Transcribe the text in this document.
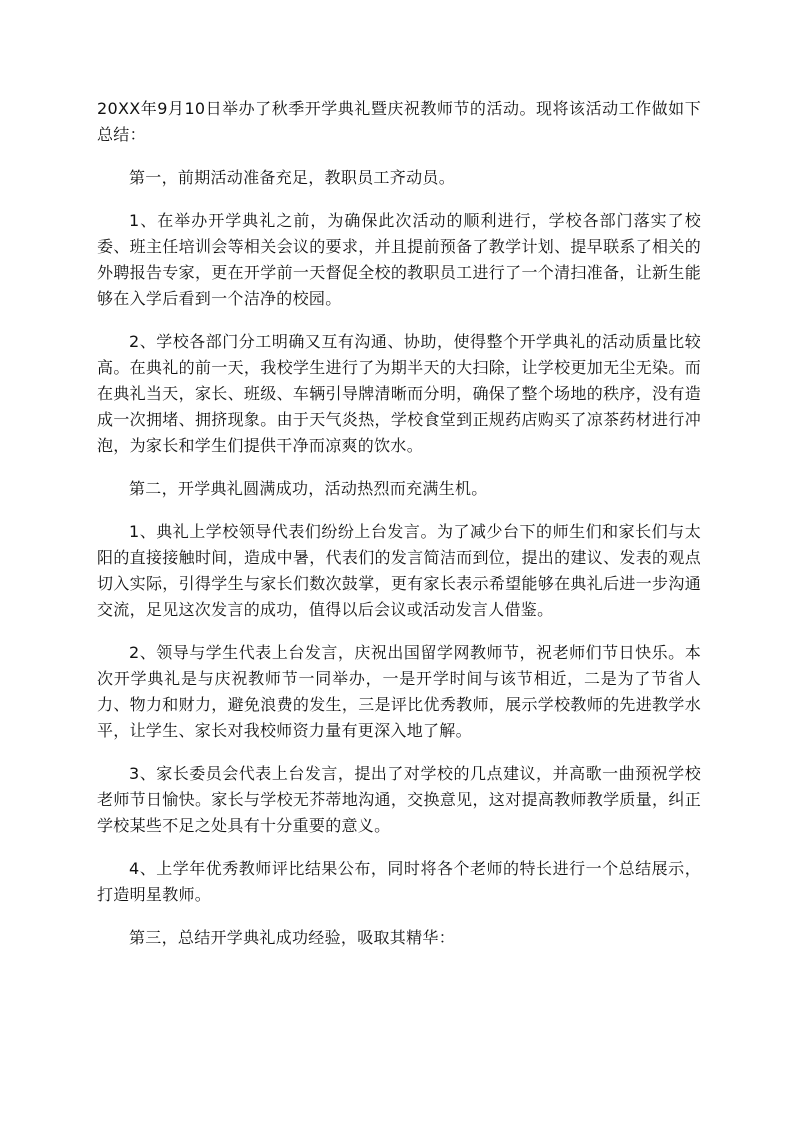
20XX年9月10日举办了秋季开学典礼暨庆祝教师节的活动。现将该活动工作做如下总结：

第一，前期活动准备充足，教职员工齐动员。

1、在举办开学典礼之前，为确保此次活动的顺利进行，学校各部门落实了校委、班主任培训会等相关会议的要求，并且提前预备了教学计划、提早联系了相关的外聘报告专家，更在开学前一天督促全校的教职员工进行了一个清扫准备，让新生能够在入学后看到一个洁净的校园。

2、学校各部门分工明确又互有沟通、协助，使得整个开学典礼的活动质量比较高。在典礼的前一天，我校学生进行了为期半天的大扫除，让学校更加无尘无染。而在典礼当天，家长、班级、车辆引导牌清晰而分明，确保了整个场地的秩序，没有造成一次拥堵、拥挤现象。由于天气炎热，学校食堂到正规药店购买了凉茶药材进行冲泡，为家长和学生们提供干净而凉爽的饮水。

第二，开学典礼圆满成功，活动热烈而充满生机。

1、典礼上学校领导代表们纷纷上台发言。为了减少台下的师生们和家长们与太阳的直接接触时间，造成中暑，代表们的发言简洁而到位，提出的建议、发表的观点切入实际，引得学生与家长们数次鼓掌，更有家长表示希望能够在典礼后进一步沟通交流，足见这次发言的成功，值得以后会议或活动发言人借鉴。

2、领导与学生代表上台发言，庆祝出国留学网教师节，祝老师们节日快乐。本次开学典礼是与庆祝教师节一同举办，一是开学时间与该节相近，二是为了节省人力、物力和财力，避免浪费的发生，三是评比优秀教师，展示学校教师的先进教学水平，让学生、家长对我校师资力量有更深入地了解。

3、家长委员会代表上台发言，提出了对学校的几点建议，并高歌一曲预祝学校老师节日愉快。家长与学校无芥蒂地沟通，交换意见，这对提高教师教学质量，纠正学校某些不足之处具有十分重要的意义。

4、上学年优秀教师评比结果公布，同时将各个老师的特长进行一个总结展示，打造明星教师。

第三，总结开学典礼成功经验，吸取其精华：
